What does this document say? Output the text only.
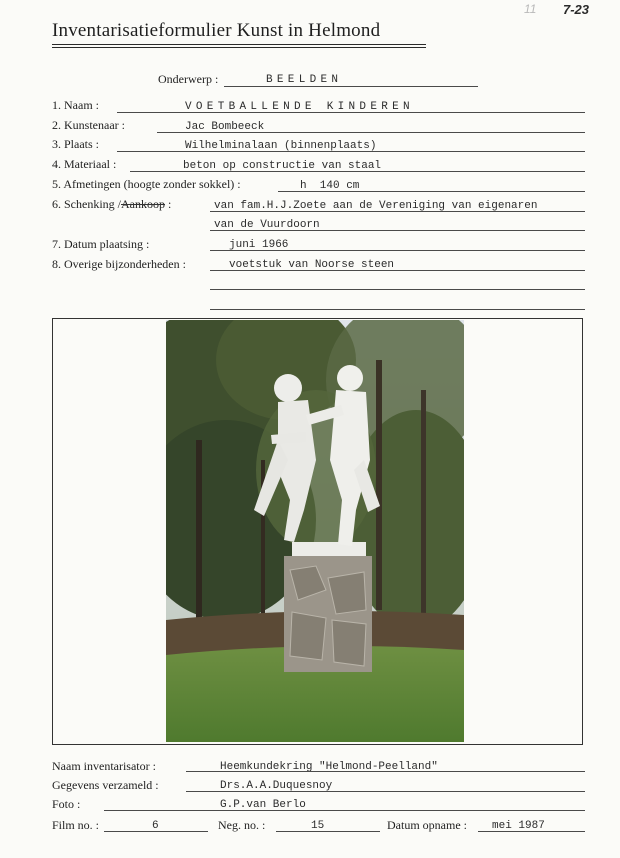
Inventarisatieformulier Kunst in Helmond
11 7-23
Onderwerp :	BEELDEN
1. Naam :	VOETBALLENDE KINDEREN
2. Kunstenaar :	Jac Bombeeck
3. Plaats :	Wilhelminalaan (binnenplaats)
4. Materiaal :	beton op constructie van staal
5. Afmetingen (hoogte zonder sokkel) :	h  140 cm
6. Schenking /Aankoop :	van fam.H.J.Zoete aan de Vereniging van eigenaren
van de Vuurdoorn
7. Datum plaatsing :	juni 1966
8. Overige bijzonderheden :	voetstuk van Noorse steen
Naam inventarisator :	Heemkundekring "Helmond-Peelland"
Gegevens verzameld :	Drs.A.A.Duquesnoy
Foto :	G.P.van Berlo
Film no. :	6	Neg. no. :	15	Datum opname : mei 1987
